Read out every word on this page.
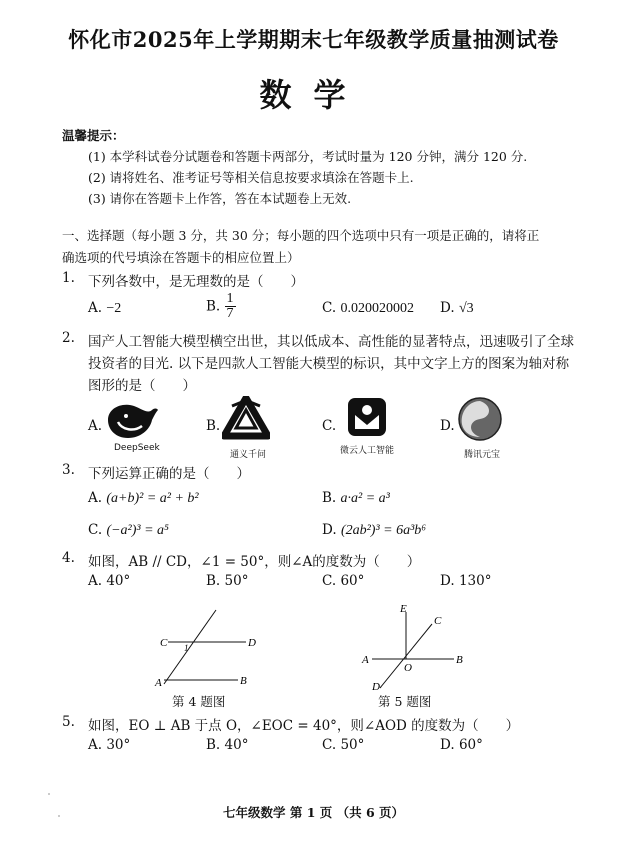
怀化市2025年上学期期末七年级教学质量抽测试卷
数学
温馨提示：
(1) 本学科试卷分试题卷和答题卡两部分，考试时量为 120 分钟，满分 120 分.
(2) 请将姓名、准考证号等相关信息按要求填涂在答题卡上.
(3) 请你在答题卡上作答，答在本试题卷上无效.
一、选择题（每小题 3 分，共 30 分；每小题的四个选项中只有一项是正确的，请将正
确选项的代号填涂在答题卡的相应位置上）
1. 下列各数中，是无理数的是（　　）
A. −2	B. $\frac{1}{7}$	C. 0.020020002 D. √3
2. 国产人工智能大模型横空出世，其以低成本、高性能的显著特点，迅速吸引了全球
投资者的目光. 以下是四款人工智能大模型的标识，其中文字上方的图案为轴对称
图形的是（　　）
A.
DeepSeek
B.
通义千问
C.
微云人工智能
D.
腾讯元宝
3. 下列运算正确的是（　　）
A. (a+b)² = a² + b²	B. a·a² = a³
C. (−a²)³ = a⁵	D. (2ab²)³ = 6a³b⁶
4. 如图，AB // CD，∠1 = 50°，则∠A的度数为（　　）
A. 40°	B. 50°	C. 60°	D. 130°
C	D
A	B
1
第 4 题图
E
C
A	B
O
D
第 5 题图
5. 如图，EO ⊥ AB 于点 O，∠EOC = 40°，则∠AOD 的度数为（　　）
A. 30°	B. 40°	C. 50°	D. 60°
七年级数学 第 1 页 （共 6 页）
